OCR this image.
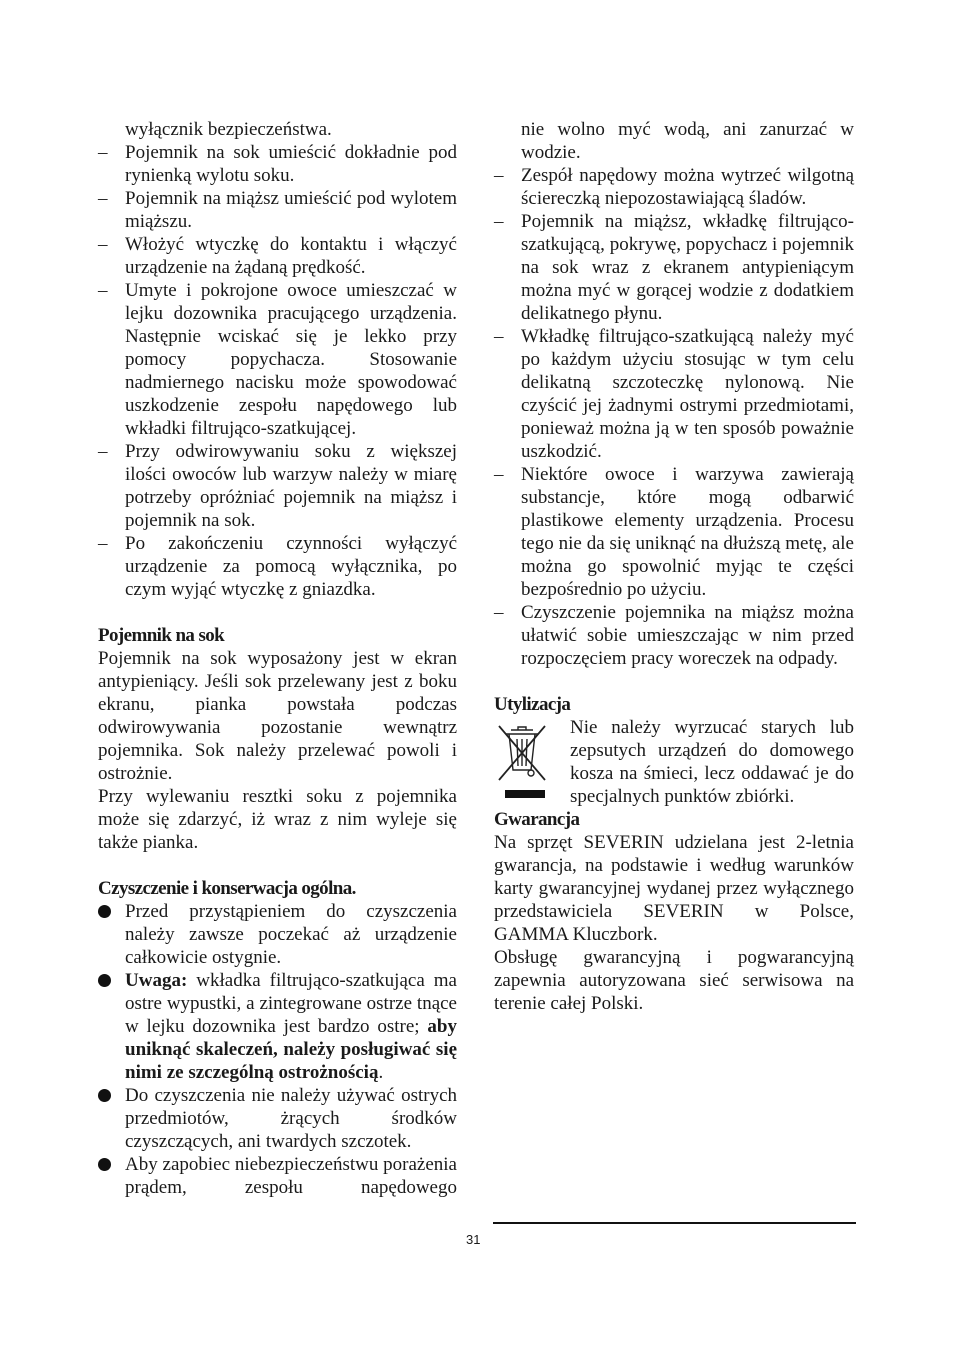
wyłącznik bezpieczeństwa.
– Pojemnik na sok umieścić dokładnie pod rynienką wylotu soku.
– Pojemnik na miąższ umieścić pod wylotem miąższu.
– Włożyć wtyczkę do kontaktu i włączyć urządzenie na żądaną prędkość.
– Umyte i pokrojone owoce umieszczać w lejku dozownika pracującego urządzenia. Następnie wciskać się je lekko przy pomocy popychacza. Stosowanie nadmiernego nacisku może spowodować uszkodzenie zespołu napędowego lub wkładki filtrująco-szatkującej.
– Przy odwirowywaniu soku z większej ilości owoców lub warzyw należy w miarę potrzeby opróżniać pojemnik na miąższ i pojemnik na sok.
– Po zakończeniu czynności wyłączyć urządzenie za pomocą wyłącznika, po czym wyjąć wtyczkę z gniazdka.

Pojemnik na sok

Pojemnik na sok wyposażony jest w ekran antypieniący. Jeśli sok przelewany jest z boku ekranu, pianka powstała podczas odwirowywania pozostanie wewnątrz pojemnika. Sok należy przelewać powoli i ostrożnie.
Przy wylewaniu resztki soku z pojemnika może się zdarzyć, iż wraz z nim wyleje się także pianka.

Czyszczenie i konserwacja ogólna.

Przed przystąpieniem do czyszczenia należy zawsze poczekać aż urządzenie całkowicie ostygnie.
Uwaga: wkładka filtrująco-szatkująca ma ostre wypustki, a zintegrowane ostrze tnące w lejku dozownika jest bardzo ostre; aby uniknąć skaleczeń, należy posługiwać się nimi ze szczególną ostrożnością.
Do czyszczenia nie należy używać ostrych przedmiotów, żrących środków czyszczących, ani twardych szczotek.
Aby zapobiec niebezpieczeństwu porażenia prądem, zespołu napędowego
nie wolno myć wodą, ani zanurzać w wodzie.
– Zespół napędowy można wytrzeć wilgotną ściereczką niepozostawiającą śladów.
– Pojemnik na miąższ, wkładkę filtrująco-szatkującą, pokrywę, popychacz i pojemnik na sok wraz z ekranem antypieniącym można myć w gorącej wodzie z dodatkiem delikatnego płynu.
– Wkładkę filtrująco-szatkującą należy myć po każdym użyciu stosując w tym celu delikatną szczoteczkę nylonową. Nie czyścić jej żadnymi ostrymi przedmiotami, ponieważ można ją w ten sposób poważnie uszkodzić.
– Niektóre owoce i warzywa zawierają substancje, które mogą odbarwić plastikowe elementy urządzenia. Procesu tego nie da się uniknąć na dłuższą metę, ale można go spowolnić myjąc te części bezpośrednio po użyciu.
– Czyszczenie pojemnika na miąższ można ułatwić sobie umieszczając w nim przed rozpoczęciem pracy woreczek na odpady.

Utylizacja

Nie należy wyrzucać starych lub zepsutych urządzeń do domowego kosza na śmieci, lecz oddawać je do specjalnych punktów zbiórki.

Gwarancja

Na sprzęt SEVERIN udzielana jest 2-letnia gwarancja, na podstawie i według warunków karty gwarancyjnej wydanej przez wyłącznego przedstawiciela SEVERIN w Polsce, GAMMA Kluczbork.
Obsługę gwarancyjną i pogwarancyjną zapewnia autoryzowana sieć serwisowa na terenie całej Polski.
31
